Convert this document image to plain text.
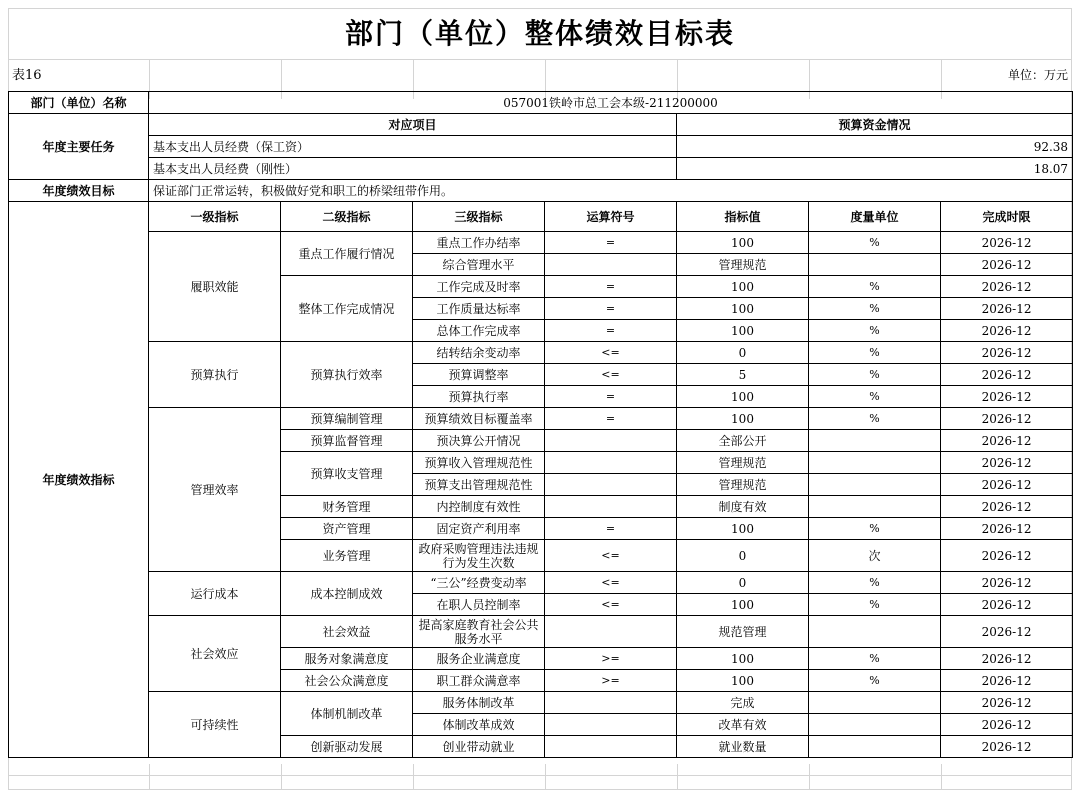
部门（单位）整体绩效目标表
表16	单位：万元
部门（单位）名称	057001铁岭市总工会本级-211200000						
年度主要任务	对应项目				预算资金情况		
	基本支出人员经费（保工资）				92.38		
	基本支出人员经费（刚性）				18.07		
年度绩效目标	保证部门正常运转，积极做好党和职工的桥梁纽带作用。						
年度绩效指标	一级指标	二级指标	三级指标	运算符号	指标值	度量单位	完成时限
	履职效能	重点工作履行情况	重点工作办结率	=	100	%	2026-12
			综合管理水平		管理规范		2026-12
		整体工作完成情况	工作完成及时率	=	100	%	2026-12
			工作质量达标率	=	100	%	2026-12
			总体工作完成率	=	100	%	2026-12
	预算执行	预算执行效率	结转结余变动率	<=	0	%	2026-12
			预算调整率	<=	5	%	2026-12
			预算执行率	=	100	%	2026-12
	管理效率	预算编制管理	预算绩效目标覆盖率	=	100	%	2026-12
		预算监督管理	预决算公开情况		全部公开		2026-12
		预算收支管理	预算收入管理规范性		管理规范		2026-12
			预算支出管理规范性		管理规范		2026-12
		财务管理	内控制度有效性		制度有效		2026-12
		资产管理	固定资产利用率	=	100	%	2026-12
		业务管理	政府采购管理违法违规行为发生次数	<=	0	次	2026-12
	运行成本	成本控制成效	“三公”经费变动率	<=	0	%	2026-12
			在职人员控制率	<=	100	%	2026-12
	社会效应	社会效益	提高家庭教育社会公共服务水平		规范管理		2026-12
		服务对象满意度	服务企业满意度	>=	100	%	2026-12
		社会公众满意度	职工群众满意率	>=	100	%	2026-12
	可持续性	体制机制改革	服务体制改革		完成		2026-12
			体制改革成效		改革有效		2026-12
		创新驱动发展	创业带动就业		就业数量		2026-12
